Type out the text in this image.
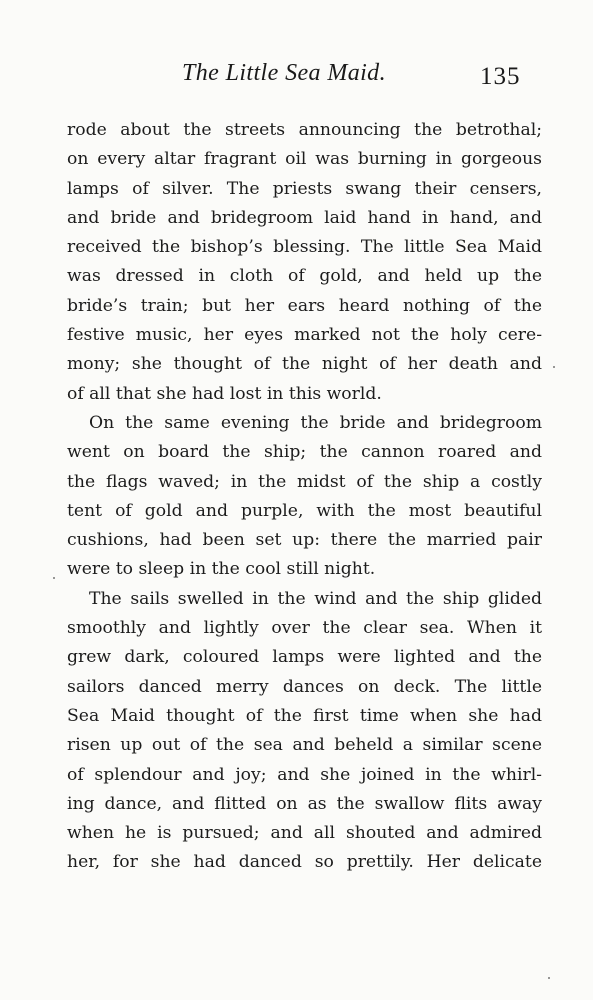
The Little Sea Maid.	135
rode about the streets announcing the betrothal;
on every altar fragrant oil was burning in gorgeous
lamps of silver. The priests swang their censers,
and bride and bridegroom laid hand in hand, and
received the bishop’s blessing. The little Sea Maid
was dressed in cloth of gold, and held up the
bride’s train; but her ears heard nothing of the
festive music, her eyes marked not the holy cere-
mony; she thought of the night of her death and
of all that she had lost in this world.
On the same evening the bride and bridegroom
went on board the ship; the cannon roared and
the flags waved; in the midst of the ship a costly
tent of gold and purple, with the most beautiful
cushions, had been set up: there the married pair
were to sleep in the cool still night.
The sails swelled in the wind and the ship glided
smoothly and lightly over the clear sea. When it
grew dark, coloured lamps were lighted and the
sailors danced merry dances on deck. The little
Sea Maid thought of the first time when she had
risen up out of the sea and beheld a similar scene
of splendour and joy; and she joined in the whirl-
ing dance, and flitted on as the swallow flits away
when he is pursued; and all shouted and admired
her, for she had danced so prettily. Her delicate
